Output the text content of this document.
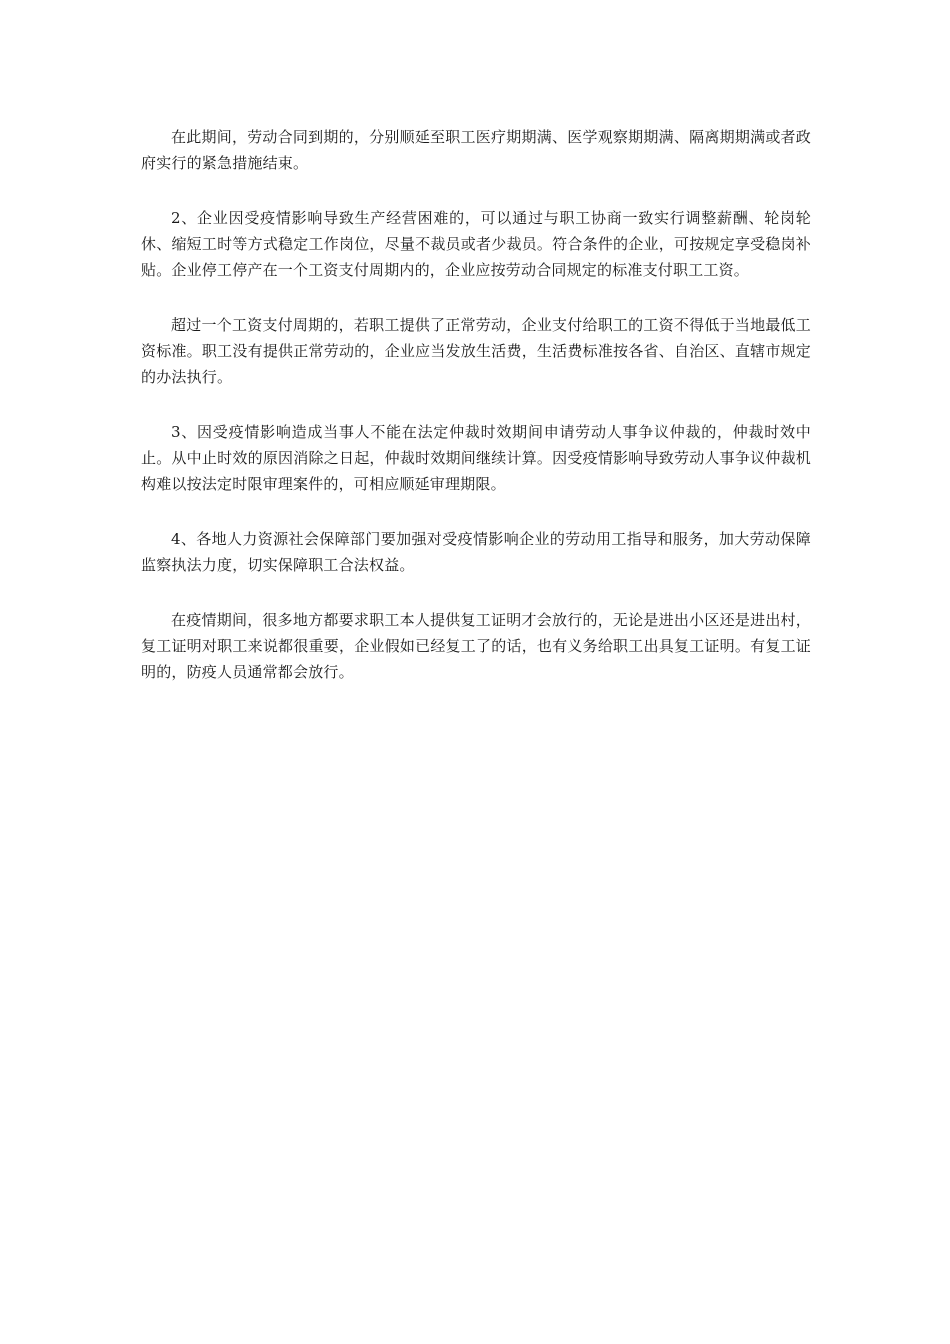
在此期间，劳动合同到期的，分别顺延至职工医疗期期满、医学观察期期满、隔离期期满或者政府实行的紧急措施结束。

2、企业因受疫情影响导致生产经营困难的，可以通过与职工协商一致实行调整薪酬、轮岗轮休、缩短工时等方式稳定工作岗位，尽量不裁员或者少裁员。符合条件的企业，可按规定享受稳岗补贴。企业停工停产在一个工资支付周期内的，企业应按劳动合同规定的标准支付职工工资。

超过一个工资支付周期的，若职工提供了正常劳动，企业支付给职工的工资不得低于当地最低工资标准。职工没有提供正常劳动的，企业应当发放生活费，生活费标准按各省、自治区、直辖市规定的办法执行。

3、因受疫情影响造成当事人不能在法定仲裁时效期间申请劳动人事争议仲裁的，仲裁时效中止。从中止时效的原因消除之日起，仲裁时效期间继续计算。因受疫情影响导致劳动人事争议仲裁机构难以按法定时限审理案件的，可相应顺延审理期限。

4、各地人力资源社会保障部门要加强对受疫情影响企业的劳动用工指导和服务，加大劳动保障监察执法力度，切实保障职工合法权益。

在疫情期间，很多地方都要求职工本人提供复工证明才会放行的，无论是进出小区还是进出村，复工证明对职工来说都很重要，企业假如已经复工了的话，也有义务给职工出具复工证明。有复工证明的，防疫人员通常都会放行。
